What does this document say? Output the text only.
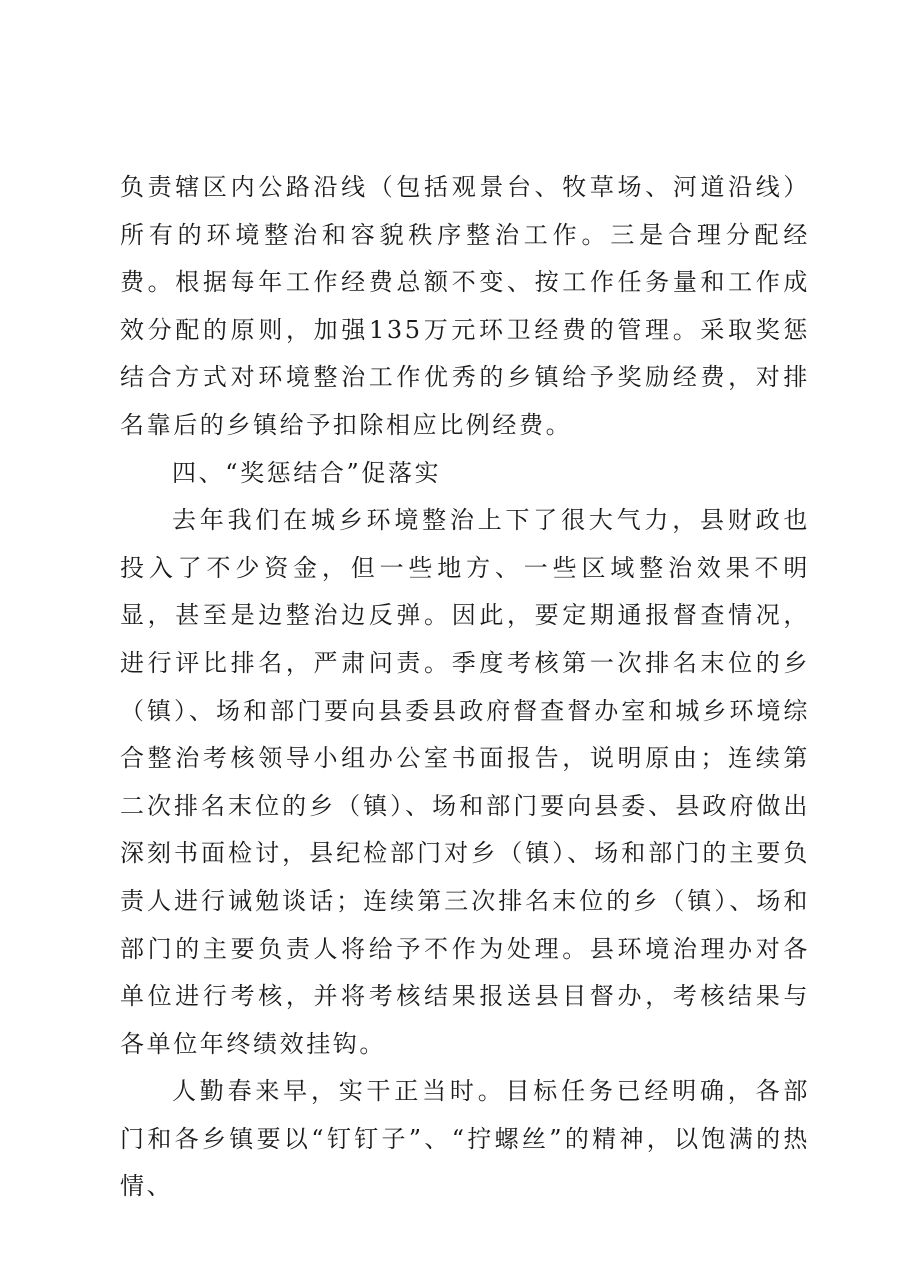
负责辖区内公路沿线（包括观景台、牧草场、河道沿线）所有的环境整治和容貌秩序整治工作。三是合理分配经费。根据每年工作经费总额不变、按工作任务量和工作成效分配的原则，加强135万元环卫经费的管理。采取奖惩结合方式对环境整治工作优秀的乡镇给予奖励经费，对排名靠后的乡镇给予扣除相应比例经费。

四、“奖惩结合”促落实

去年我们在城乡环境整治上下了很大气力，县财政也投入了不少资金，但一些地方、一些区域整治效果不明显，甚至是边整治边反弹。因此，要定期通报督查情况，进行评比排名，严肃问责。季度考核第一次排名末位的乡（镇）、场和部门要向县委县政府督查督办室和城乡环境综合整治考核领导小组办公室书面报告，说明原由；连续第二次排名末位的乡（镇）、场和部门要向县委、县政府做出深刻书面检讨，县纪检部门对乡（镇）、场和部门的主要负责人进行诫勉谈话；连续第三次排名末位的乡（镇）、场和部门的主要负责人将给予不作为处理。县环境治理办对各单位进行考核，并将考核结果报送县目督办，考核结果与各单位年终绩效挂钩。

人勤春来早，实干正当时。目标任务已经明确，各部门和各乡镇要以“钉钉子”、“拧螺丝”的精神，以饱满的热情、
